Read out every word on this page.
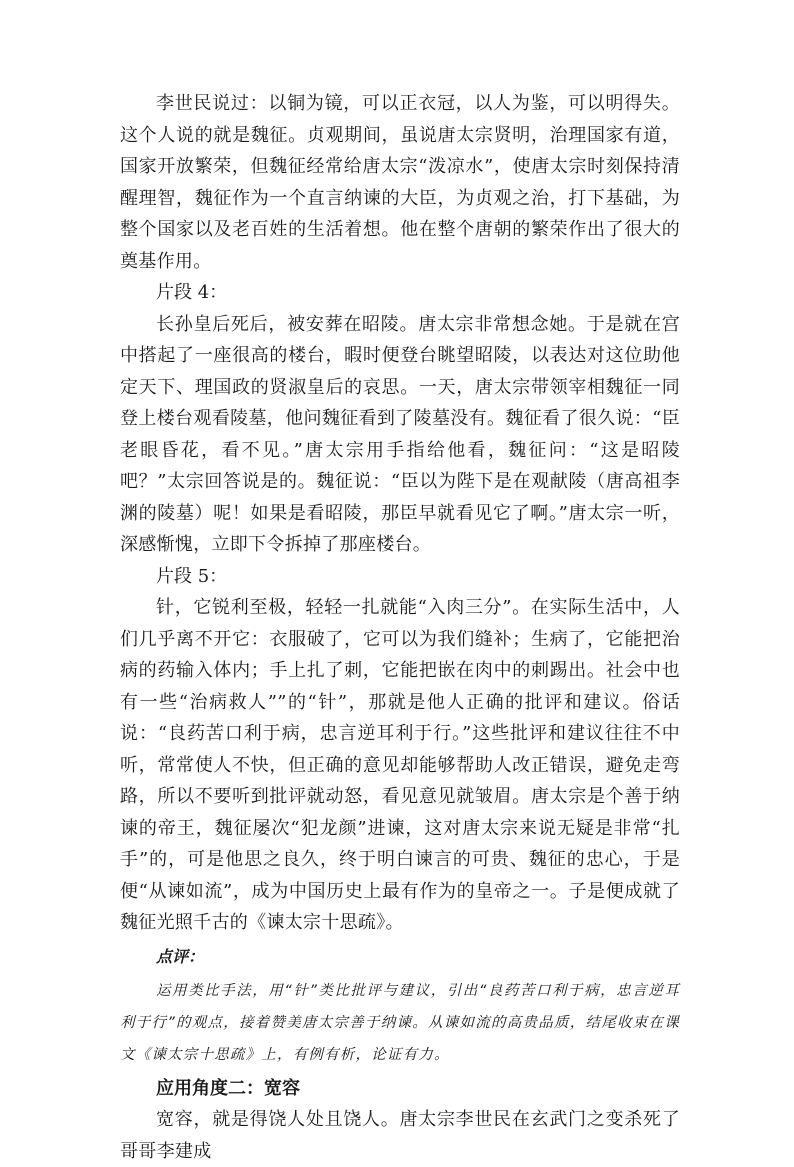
李世民说过：以铜为镜，可以正衣冠，以人为鉴，可以明得失。这个人说的就是魏征。贞观期间，虽说唐太宗贤明，治理国家有道，国家开放繁荣，但魏征经常给唐太宗“泼凉水”，使唐太宗时刻保持清醒理智，魏征作为一个直言纳谏的大臣，为贞观之治，打下基础，为整个国家以及老百姓的生活着想。他在整个唐朝的繁荣作出了很大的奠基作用。

片段 4：

长孙皇后死后，被安葬在昭陵。唐太宗非常想念她。于是就在宫中搭起了一座很高的楼台，暇时便登台眺望昭陵，以表达对这位助他定天下、理国政的贤淑皇后的哀思。一天，唐太宗带领宰相魏征一同登上楼台观看陵墓，他问魏征看到了陵墓没有。魏征看了很久说：“臣老眼昏花，看不见。”唐太宗用手指给他看，魏征问：“这是昭陵吧？”太宗回答说是的。魏征说：“臣以为陛下是在观献陵（唐高祖李渊的陵墓）呢！如果是看昭陵，那臣早就看见它了啊。”唐太宗一听，深感惭愧，立即下令拆掉了那座楼台。

片段 5：

针，它锐利至极，轻轻一扎就能“入肉三分”。在实际生活中，人们几乎离不开它：衣服破了，它可以为我们缝补；生病了，它能把治病的药输入体内；手上扎了刺，它能把嵌在肉中的刺踢出。社会中也有一些“治病救人””的“针”，那就是他人正确的批评和建议。俗话说：“良药苦口利于病，忠言逆耳利于行。”这些批评和建议往往不中听，常常使人不快，但正确的意见却能够帮助人改正错误，避免走弯路，所以不要听到批评就动怒，看见意见就皱眉。唐太宗是个善于纳谏的帝王，魏征屡次“犯龙颜”进谏，这对唐太宗来说无疑是非常“扎手”的，可是他思之良久，终于明白谏言的可贵、魏征的忠心，于是便“从谏如流”，成为中国历史上最有作为的皇帝之一。子是便成就了魏征光照千古的《谏太宗十思疏》。

点评：

运用类比手法，用“针”类比批评与建议，引出“良药苦口利于病，忠言逆耳利于行”的观点，接着赞美唐太宗善于纳谏。从谏如流的高贵品质，结尾收束在课文《谏太宗十思疏》上，有例有析，论证有力。

应用角度二：宽容

宽容，就是得饶人处且饶人。唐太宗李世民在玄武门之变杀死了哥哥李建成
